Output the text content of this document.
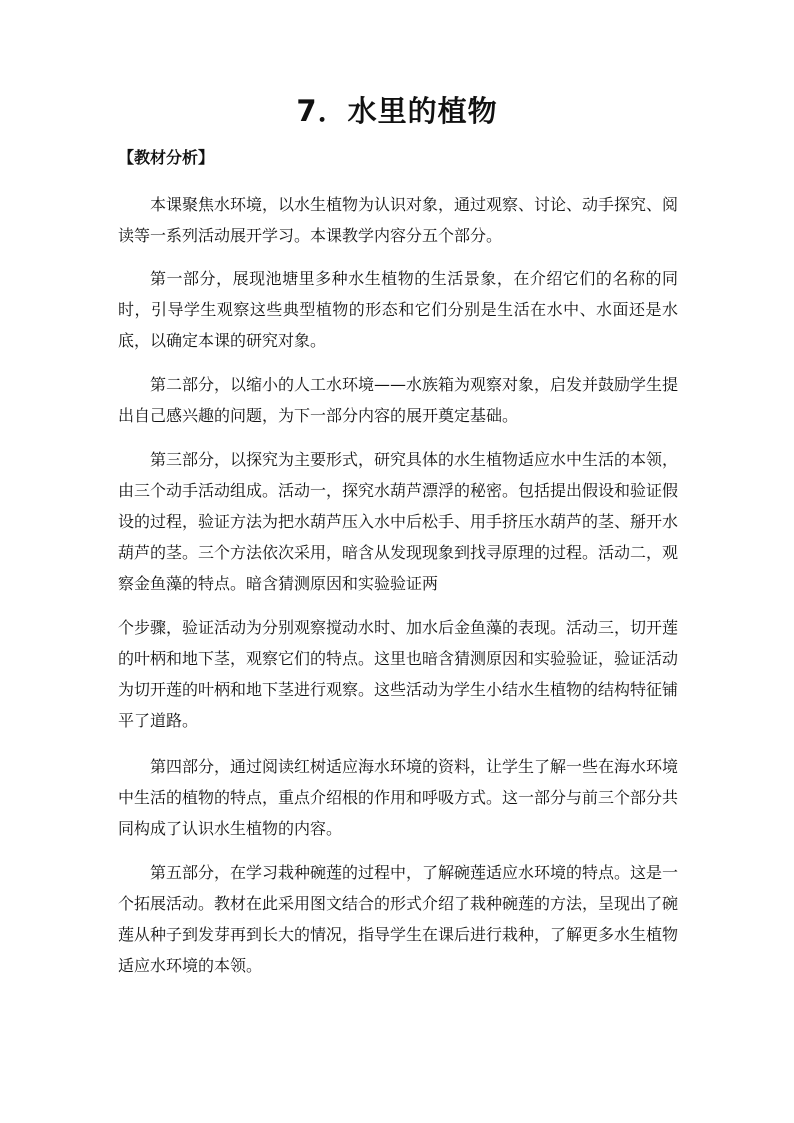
7．水里的植物
【教材分析】

本课聚焦水环境，以水生植物为认识对象，通过观察、讨论、动手探究、阅读等一系列活动展开学习。本课教学内容分五个部分。

第一部分，展现池塘里多种水生植物的生活景象，在介绍它们的名称的同时，引导学生观察这些典型植物的形态和它们分别是生活在水中、水面还是水底，以确定本课的研究对象。

第二部分，以缩小的人工水环境——水族箱为观察对象，启发并鼓励学生提出自己感兴趣的问题，为下一部分内容的展开奠定基础。

第三部分，以探究为主要形式，研究具体的水生植物适应水中生活的本领，由三个动手活动组成。活动一，探究水葫芦漂浮的秘密。包括提出假设和验证假设的过程，验证方法为把水葫芦压入水中后松手、用手挤压水葫芦的茎、掰开水葫芦的茎。三个方法依次采用，暗含从发现现象到找寻原理的过程。活动二，观察金鱼藻的特点。暗含猜测原因和实验验证两

个步骤，验证活动为分别观察搅动水时、加水后金鱼藻的表现。活动三，切开莲的叶柄和地下茎，观察它们的特点。这里也暗含猜测原因和实验验证，验证活动为切开莲的叶柄和地下茎进行观察。这些活动为学生小结水生植物的结构特征铺平了道路。

第四部分，通过阅读红树适应海水环境的资料，让学生了解一些在海水环境中生活的植物的特点，重点介绍根的作用和呼吸方式。这一部分与前三个部分共同构成了认识水生植物的内容。

第五部分，在学习栽种碗莲的过程中，了解碗莲适应水环境的特点。这是一个拓展活动。教材在此采用图文结合的形式介绍了栽种碗莲的方法，呈现出了碗莲从种子到发芽再到长大的情况，指导学生在课后进行栽种，了解更多水生植物适应水环境的本领。
